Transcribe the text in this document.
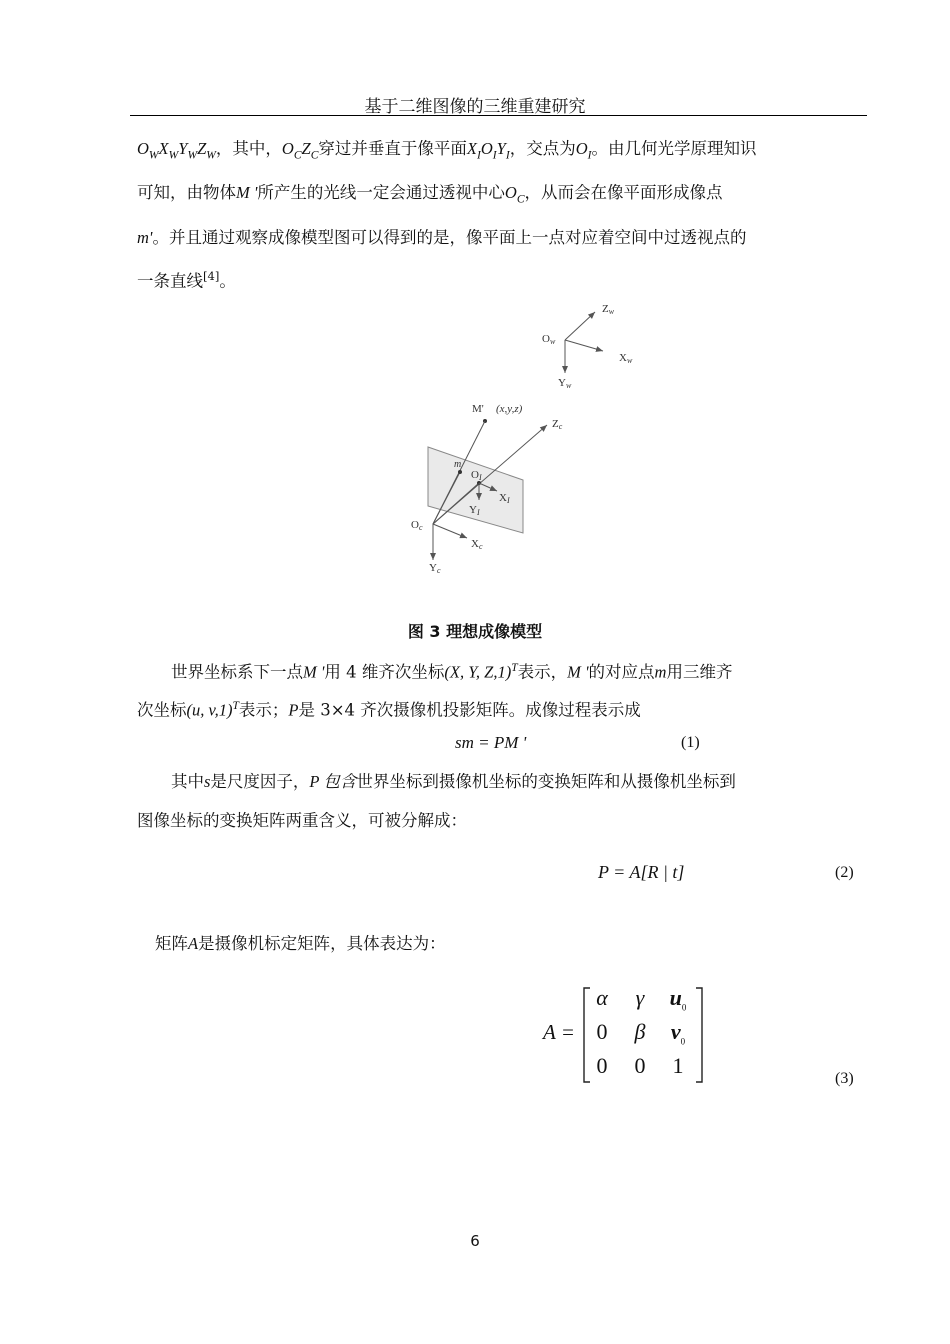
基于二维图像的三维重建研究
$O_WX_WY_WZ_W$，其中，$O_CZ_C$穿过并垂直于像平面$X_IO_IY_I$，交点为$O_I$。由几何光学原理知识
可知，由物体M '所产生的光线一定会通过透视中心$O_C$，从而会在像平面形成像点
m'。并且通过观察成像模型图可以得到的是，像平面上一点对应着空间中过透视点的
一条直线[4]。
Ow
Zw
Xw
Yw
M' (x,y,z)
Zc
m
OI
XI
YI
Oc
Xc
Yc
图 3 理想成像模型
世界坐标系下一点M '用 4 维齐次坐标(X, Y, Z,1)$^T$表示，M '的对应点m用三维齐
次坐标(u, v,1)$^T$表示；P是 3×4 齐次摄像机投影矩阵。成像过程表示成
sm = PM '	(1)
其中s是尺度因子，P 包含世界坐标到摄像机坐标的变换矩阵和从摄像机坐标到
图像坐标的变换矩阵两重含义，可被分解成：
P = A[R | t]	(2)
矩阵A是摄像机标定矩阵，具体表达为：
A =
α	γ	$u_0$
0	β	$v_0$
0	0	1
(3)
6
